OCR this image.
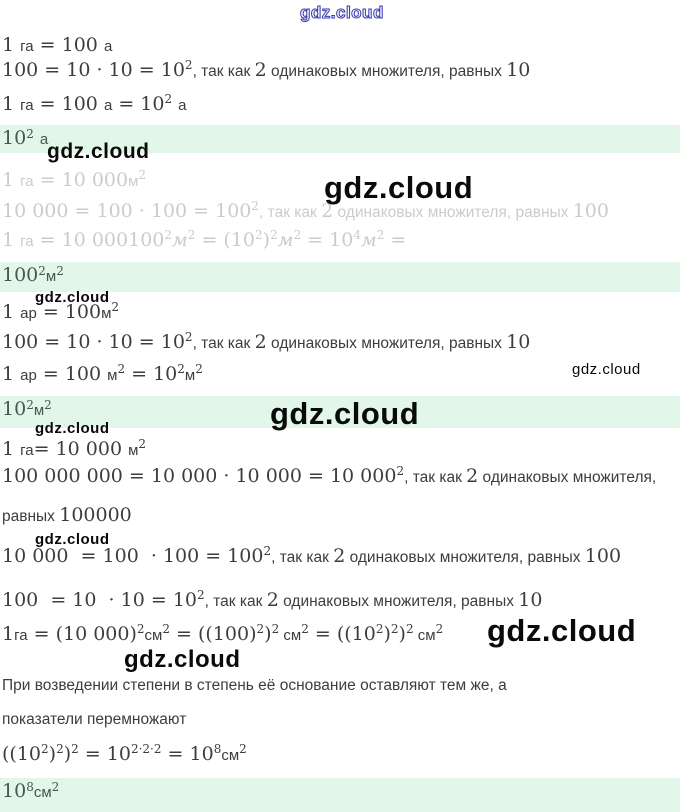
1 га = 100 а
$100 = 10 \cdot 10 = 10^2$, так как 2 одинаковых множителя, равных 10
1 га = 100 $а = 10^2$ а
$10^2$ а
1 га = 10 $000м^2$
10 $000 = 100 \cdot 100 = 100^2$, так как 2 одинаковых множителя, равных 100
1 га = 10 $000100^2м^2 = (10^2)^2м^2 = 10^4м^2$ =
$100^2м^2$
1 ар = $100м^2$
$100 = 10 \cdot 10 = 10^2$, так как 2 одинаковых множителя, равных 10
1 ар = 100 $м^2 = 10^2м^2$
$10^2м^2$
1 га= 10 000 $м^2$
100 000 000 = 10 000 · 10 000 = 10 $000^2$, так как 2 одинаковых множителя,
равных 100000
10 $000 = 100 \cdot 100 = 100^2$, так как 2 одинаковых множителя, равных 100
$100 = 10 \cdot 10 = 10^2$, так как 2 одинаковых множителя, равных 10
1га = (10 $000)^2см^2 = ((100)^2)^2$ $см^2 = ((10^2)^2)^2$ $см^2$
При возведении степени в степень её основание оставляют тем же, а
показатели перемножают
$((10^2)^2)^2 = 10^{2\cdot 2\cdot 2} = 10^8см^2$
$10^8см^2$
gdz.cloud
gdz.cloud
gdz.cloud
gdz.cloud
gdz.cloud
gdz.cloud
gdz.cloud
gdz.cloud
gdz.cloud
gdz.cloud
